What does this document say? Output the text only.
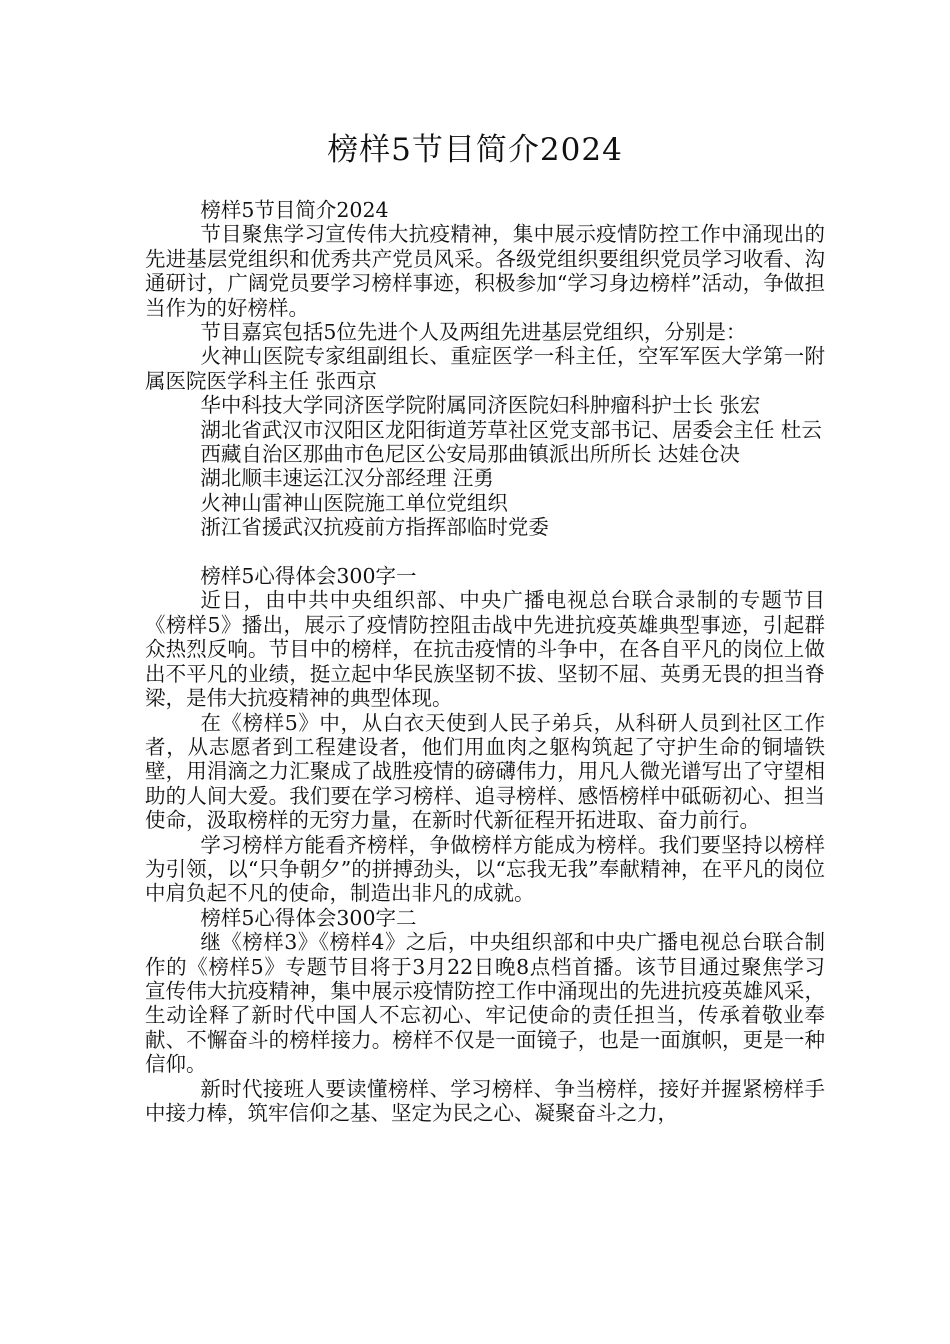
榜样5节目简介2024

榜样5节目简介2024

节目聚焦学习宣传伟大抗疫精神，集中展示疫情防控工作中涌现出的先进基层党组织和优秀共产党员风采。各级党组织要组织党员学习收看、沟通研讨，广阔党员要学习榜样事迹，积极参加“学习身边榜样”活动，争做担当作为的好榜样。

节目嘉宾包括5位先进个人及两组先进基层党组织，分别是：

火神山医院专家组副组长、重症医学一科主任，空军军医大学第一附属医院医学科主任 张西京

华中科技大学同济医学院附属同济医院妇科肿瘤科护士长 张宏

湖北省武汉市汉阳区龙阳街道芳草社区党支部书记、居委会主任 杜云

西藏自治区那曲市色尼区公安局那曲镇派出所所长 达娃仓决

湖北顺丰速运江汉分部经理 汪勇

火神山雷神山医院施工单位党组织

浙江省援武汉抗疫前方指挥部临时党委

榜样5心得体会300字一

近日，由中共中央组织部、中央广播电视总台联合录制的专题节目《榜样5》播出，展示了疫情防控阻击战中先进抗疫英雄典型事迹，引起群众热烈反响。节目中的榜样，在抗击疫情的斗争中，在各自平凡的岗位上做出不平凡的业绩，挺立起中华民族坚韧不拔、坚韧不屈、英勇无畏的担当脊梁，是伟大抗疫精神的典型体现。

在《榜样5》中，从白衣天使到人民子弟兵，从科研人员到社区工作者，从志愿者到工程建设者，他们用血肉之躯构筑起了守护生命的铜墙铁壁，用涓滴之力汇聚成了战胜疫情的磅礴伟力，用凡人微光谱写出了守望相助的人间大爱。我们要在学习榜样、追寻榜样、感悟榜样中砥砺初心、担当使命，汲取榜样的无穷力量，在新时代新征程开拓进取、奋力前行。

学习榜样方能看齐榜样，争做榜样方能成为榜样。我们要坚持以榜样为引领，以“只争朝夕”的拼搏劲头，以“忘我无我”奉献精神，在平凡的岗位中肩负起不凡的使命，制造出非凡的成就。

榜样5心得体会300字二

继《榜样3》《榜样4》之后，中央组织部和中央广播电视总台联合制作的《榜样5》专题节目将于3月22日晚8点档首播。该节目通过聚焦学习宣传伟大抗疫精神，集中展示疫情防控工作中涌现出的先进抗疫英雄风采，生动诠释了新时代中国人不忘初心、牢记使命的责任担当，传承着敬业奉献、不懈奋斗的榜样接力。榜样不仅是一面镜子，也是一面旗帜，更是一种信仰。

新时代接班人要读懂榜样、学习榜样、争当榜样，接好并握紧榜样手中接力棒，筑牢信仰之基、坚定为民之心、凝聚奋斗之力，
